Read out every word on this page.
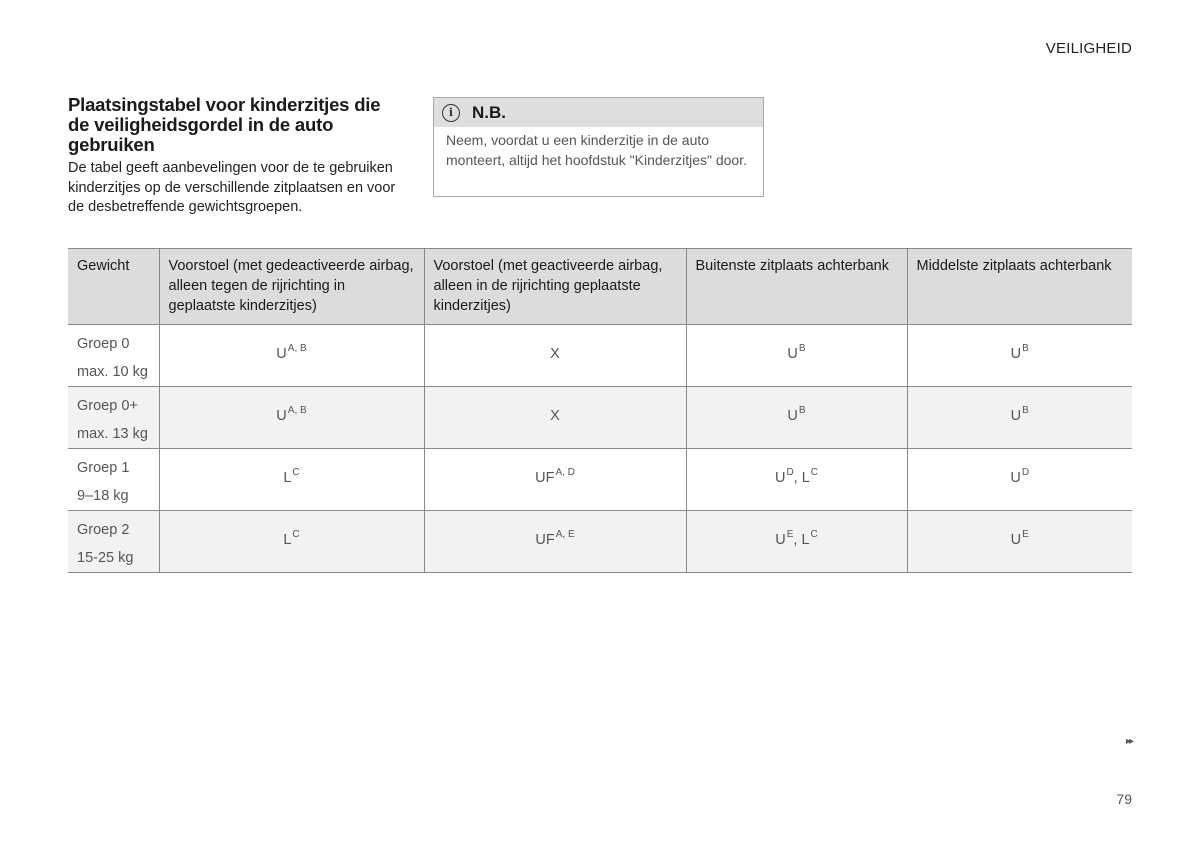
VEILIGHEID
Plaatsingstabel voor kinderzitjes die de veiligheidsgordel in de auto gebruiken

De tabel geeft aanbevelingen voor de te gebruiken kinderzitjes op de verschillende zitplaatsen en voor de desbetreffende gewichtsgroepen.

i	N.B.

Neem, voordat u een kinderzitje in de auto monteert, altijd het hoofdstuk "Kinderzitjes" door.

Gewicht	Voorstoel (met gedeactiveerde airbag, alleen tegen de rijrichting in geplaatste kinderzitjes)	Voorstoel (met geactiveerde airbag, alleen in de rijrichting geplaatste kinderzitjes)	Buitenste zitplaats achterbank	Middelste zitplaats achterbank

Groep 0
max. 10 kg	$U^{A, B}$	X	$U^B$	$U^B$

Groep 0+
max. 13 kg	$U^{A, B}$	X	$U^B$	$U^B$

Groep 1
9–18 kg	$L^C$	$UF^{A, D}$	$U^D$, $L^C$	$U^D$

Groep 2
15-25 kg	$L^C$	$UF^{A, E}$	$U^E$, $L^C$	$U^E$
▸▸
79
